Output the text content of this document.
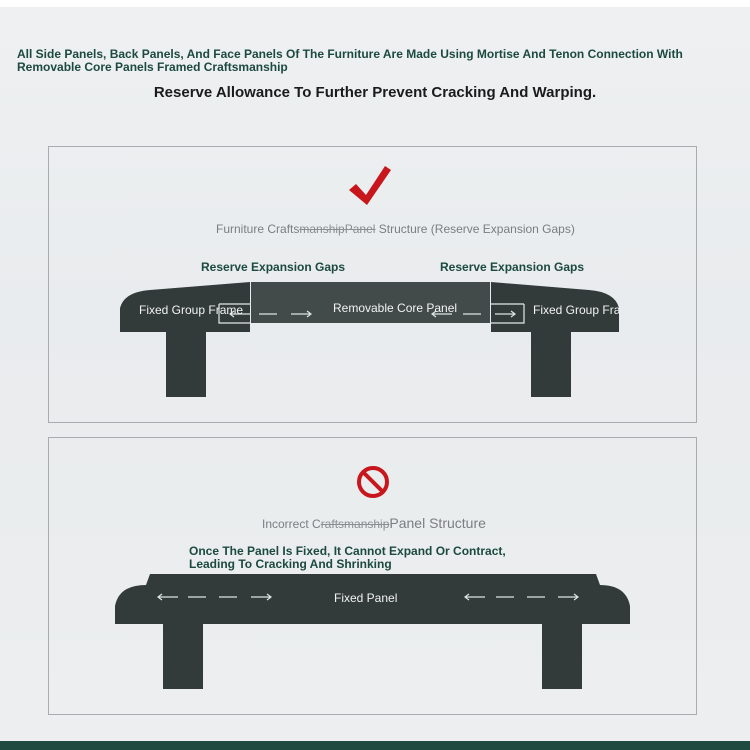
All Side Panels, Back Panels, And Face Panels Of The Furniture Are Made Using Mortise And Tenon Connection With Removable Core Panels Framed Craftsmanship
Reserve Allowance To Further Prevent Cracking And Warping.
Fixed Group Frame	Fixed Group Fra
Removable Core Panel
Fixed Panel
Furniture CraftsmanshipPanel Structure (Reserve Expansion Gaps)
Reserve Expansion Gaps	Reserve Expansion Gaps
Incorrect CraftsmanshipPanel Structure
Once The Panel Is Fixed, It Cannot Expand Or Contract, Leading To Cracking And Shrinking
